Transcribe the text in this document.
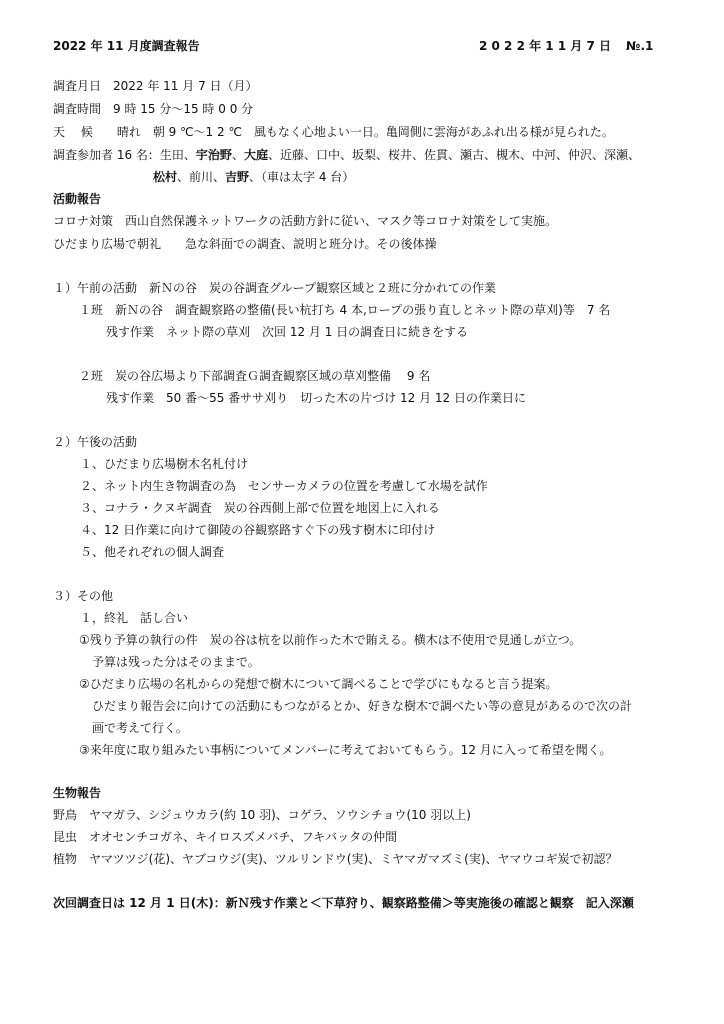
2022 年 11 月度調査報告	2 0 2 2 年 1 1 月 7 日 №.1
調査月日　2022 年 11 月 7 日（月）
調査時間　9 時 15 分～15 時 0 0 分
天　 候　　晴れ　朝 9 ℃～1 2 ℃　風もなく心地よい一日。亀岡側に雲海があふれ出る様が見られた。
調査参加者 16 名：生田、宇治野、大庭、近藤、口中、坂梨、桜井、佐貫、瀬古、槻木、中河、仲沢、深瀬、
松村、前川、吉野、（車は太字 4 台）
活動報告
コロナ対策　西山自然保護ネットワークの活動方針に従い、マスク等コロナ対策をして実施。
ひだまり広場で朝礼　　急な斜面での調査、説明と班分け。その後体操
１）午前の活動　新Ｎの谷　炭の谷調査グループ観察区域と２班に分かれての作業
１班　新Ｎの谷　調査観察路の整備(長い杭打ち 4 本,ロープの張り直しとネット際の草刈)等　7 名
残す作業　ネット際の草刈　次回 12 月 1 日の調査日に続きをする
２班　炭の谷広場より下部調査Ｇ調査観察区域の草刈整備　 9 名
残す作業　50 番～55 番ササ刈り　切った木の片づけ 12 月 12 日の作業日に
２）午後の活動
１、ひだまり広場樹木名札付け
２、ネット内生き物調査の為　センサーカメラの位置を考慮して水場を試作
３、コナラ・クヌギ調査　炭の谷西側上部で位置を地図上に入れる
４、12 日作業に向けて御陵の谷観察路すぐ下の残す樹木に印付け
５、他それぞれの個人調査
３）その他
１，終礼　話し合い
①残り予算の執行の件　炭の谷は杭を以前作った木で賄える。横木は不使用で見通しが立つ。
予算は残った分はそのままで。
②ひだまり広場の名札からの発想で樹木について調べることで学びにもなると言う提案。
ひだまり報告会に向けての活動にもつながるとか、好きな樹木で調べたい等の意見があるので次の計
画で考えて行く。
③来年度に取り組みたい事柄についてメンバーに考えておいてもらう。12 月に入って希望を聞く。
生物報告
野鳥　ヤマガラ、シジュウカラ(約 10 羽)、コゲラ、ソウシチョウ(10 羽以上)
昆虫　オオセンチコガネ、キイロスズメバチ、フキバッタの仲間
植物　ヤマツツジ(花)、ヤブコウジ(実)、ツルリンドウ(実)、ミヤマガマズミ(実)、ヤマウコギ炭で初認？
次回調査日は 12 月 1 日(木)：新Ｎ残す作業と＜下草狩り、観察路整備＞等実施後の確認と観察　記入深瀬
